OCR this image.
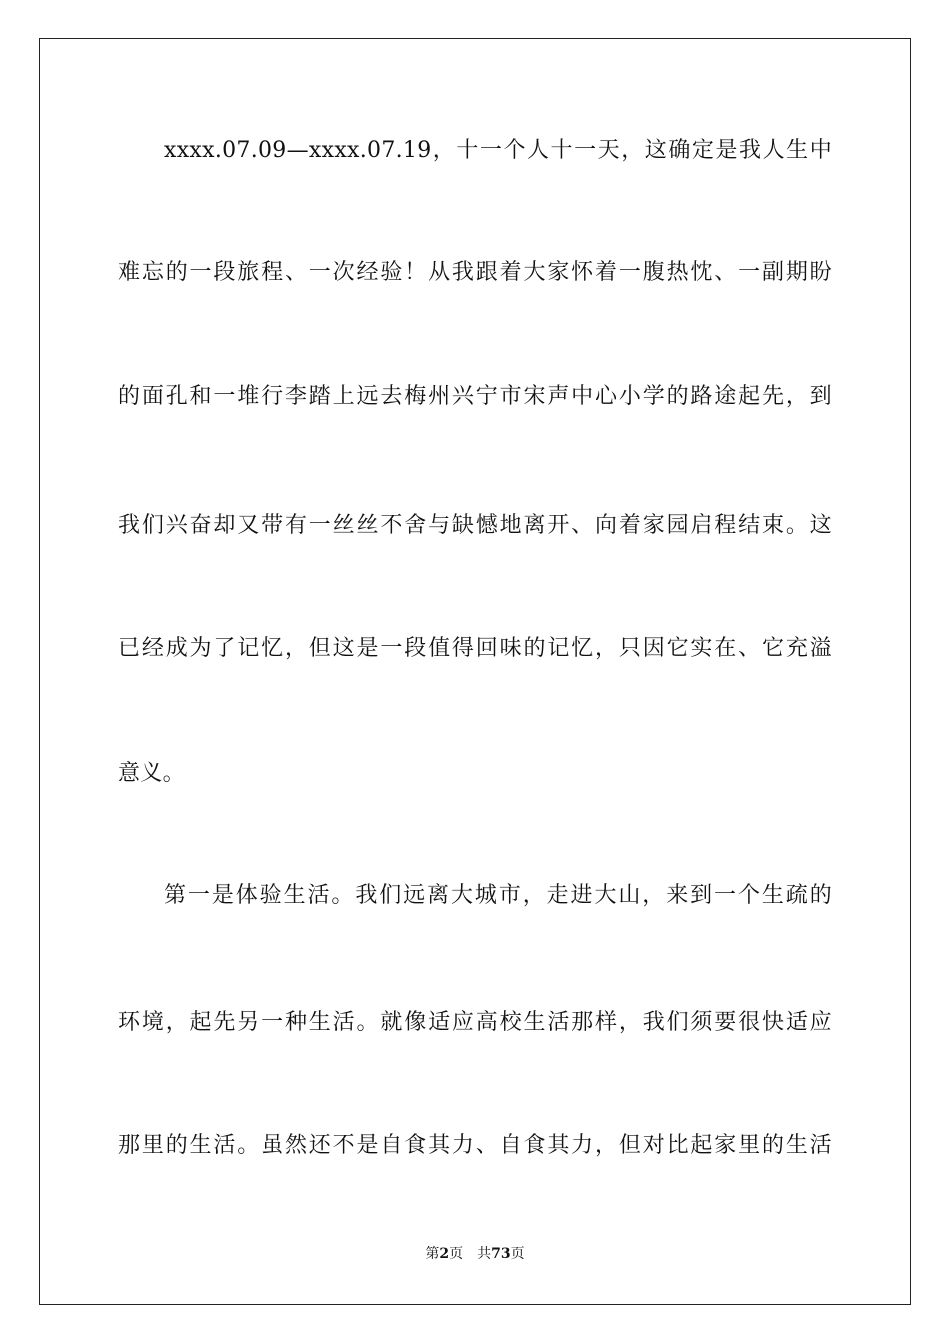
xxxx.07.09—xxxx.07.19，十一个人十一天，这确定是我人生中
难忘的一段旅程、一次经验！从我跟着大家怀着一腹热忱、一副期盼
的面孔和一堆行李踏上远去梅州兴宁市宋声中心小学的路途起先，到
我们兴奋却又带有一丝丝不舍与缺憾地离开、向着家园启程结束。这
已经成为了记忆，但这是一段值得回味的记忆，只因它实在、它充溢
意义。
第一是体验生活。我们远离大城市，走进大山，来到一个生疏的
环境，起先另一种生活。就像适应高校生活那样，我们须要很快适应
那里的生活。虽然还不是自食其力、自食其力，但对比起家里的生活
第2页 共73页
